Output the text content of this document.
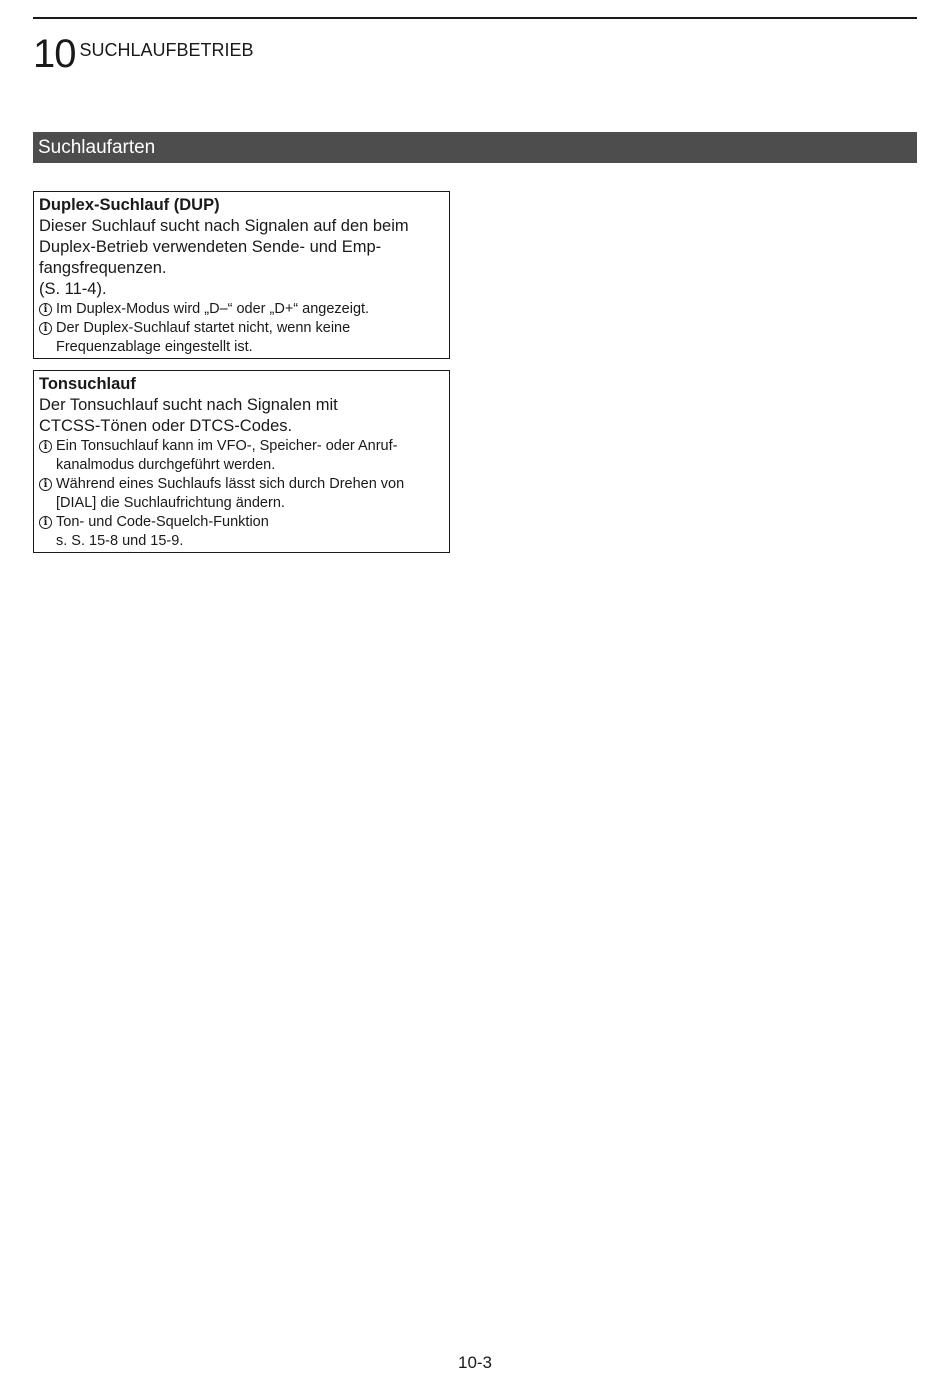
10 SUCHLAUFBETRIEB
Suchlaufarten
Duplex-Suchlauf (DUP)
Dieser Suchlauf sucht nach Signalen auf den beim
Duplex-Betrieb verwendeten Sende- und Emp-
fangsfrequenzen.
(S. 11-4).
i Im Duplex-Modus wird „D–“ oder „D+“ angezeigt.
i Der Duplex-Suchlauf startet nicht, wenn keine
Frequenzablage eingestellt ist.
Tonsuchlauf
Der Tonsuchlauf sucht nach Signalen mit
CTCSS-Tönen oder DTCS-Codes.
i Ein Tonsuchlauf kann im VFO-, Speicher- oder Anruf-
kanalmodus durchgeführt werden.
i Während eines Suchlaufs lässt sich durch Drehen von
[DIAL] die Suchlaufrichtung ändern.
i Ton- und Code-Squelch-Funktion
s. S. 15-8 und 15-9.
10-3
